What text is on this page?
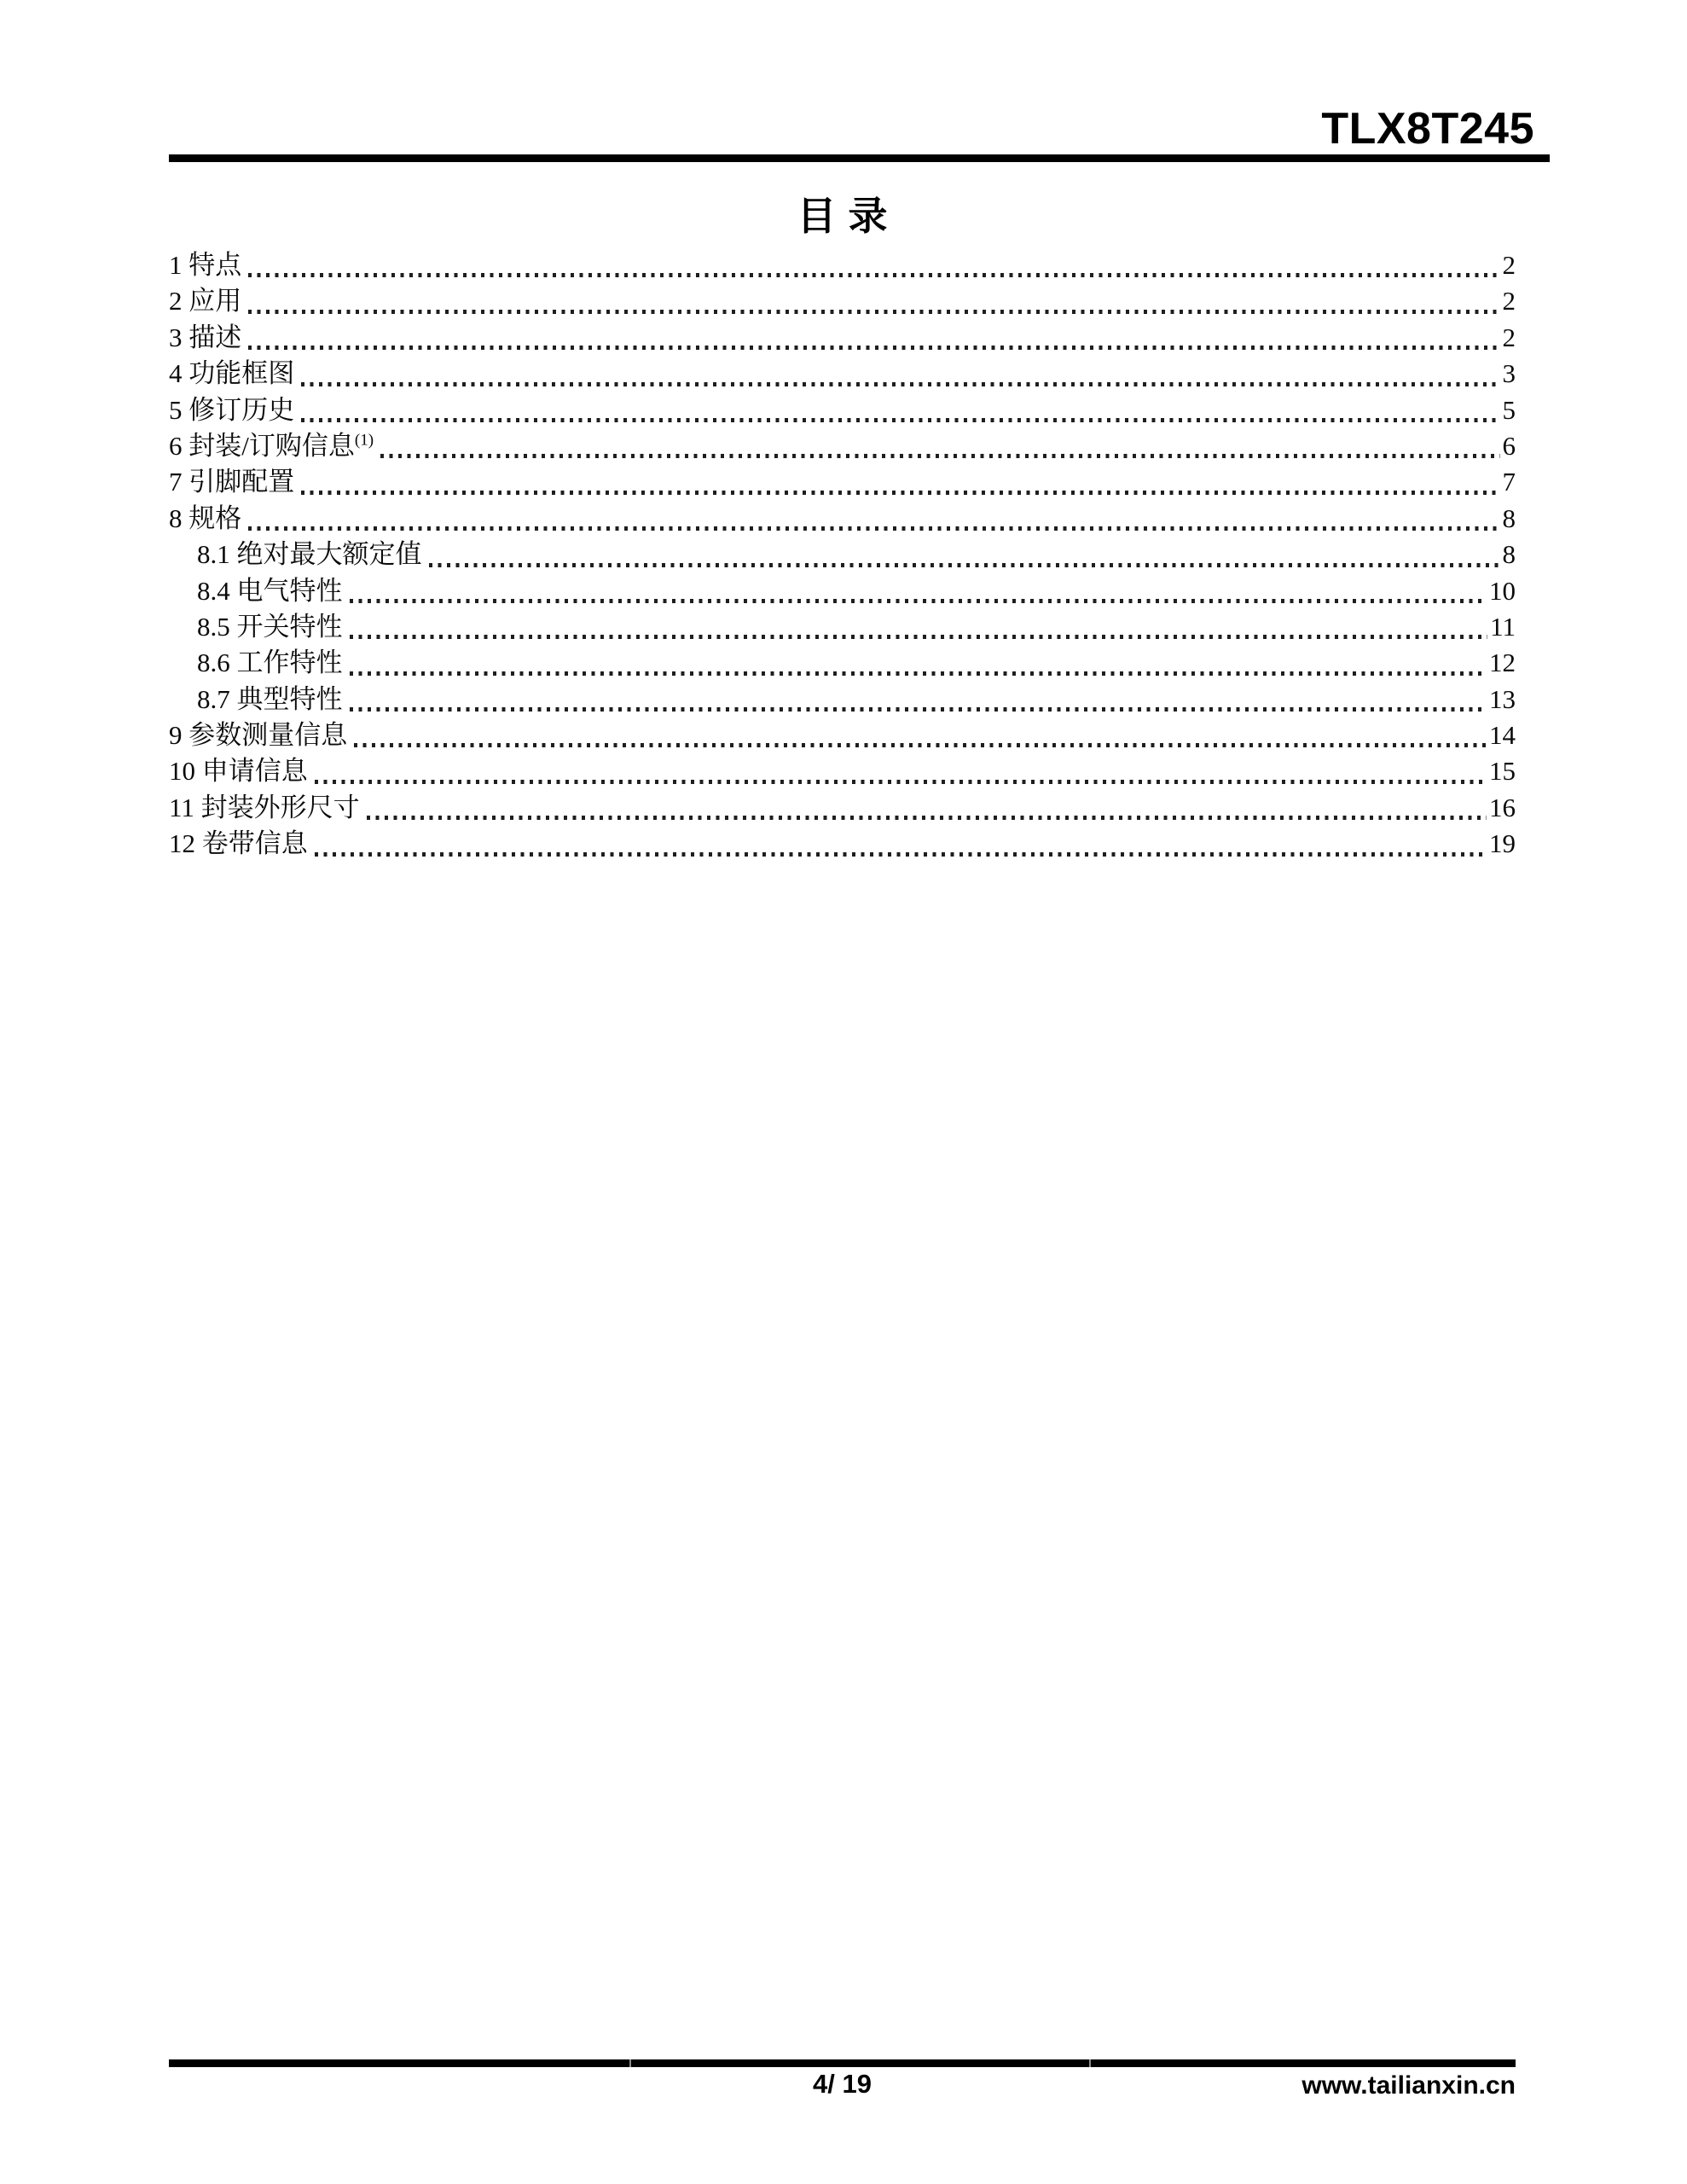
TLX8T245
目录
1 特点	2
2 应用	2
3 描述	2
4 功能框图	3
5 修订历史	5
6 封装/订购信息$^{(1)}$	6
7 引脚配置	7
8 规格	8
8.1 绝对最大额定值	8
8.4 电气特性	10
8.5 开关特性	11
8.6 工作特性	12
8.7 典型特性	13
9 参数测量信息	14
10 申请信息	15
11 封装外形尺寸	16
12 卷带信息	19
4/ 19	www.tailianxin.cn
